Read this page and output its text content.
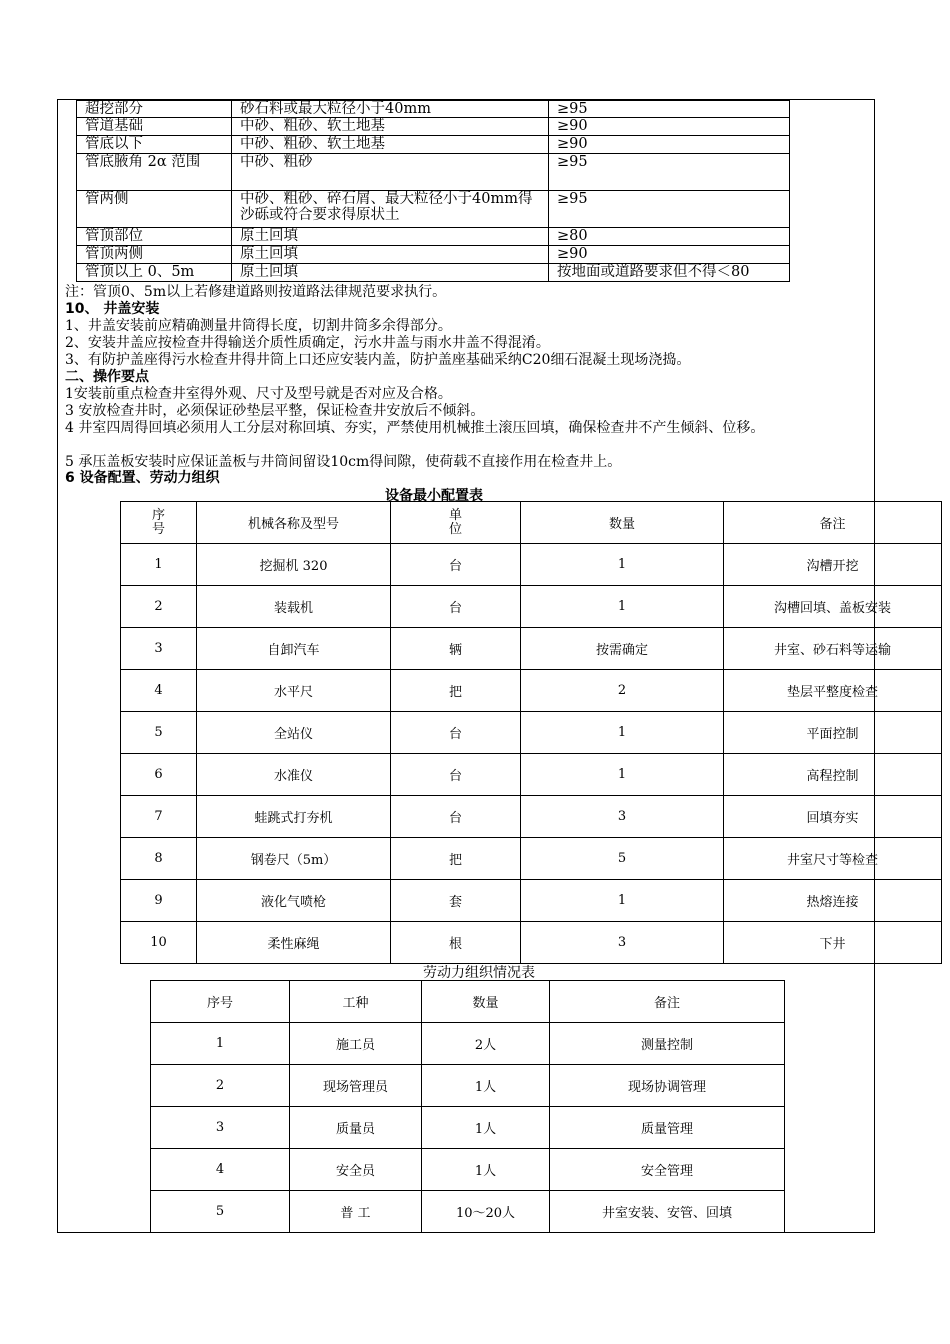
超挖部分	砂石料或最大粒径小于40mm	≥95
管道基础	中砂、粗砂、软土地基	≥90
管底以下	中砂、粗砂、软土地基	≥90
管底腋角 2α 范围	中砂、粗砂	≥95
管两侧	中砂、粗砂、碎石屑、最大粒径小于40mm得沙砾或符合要求得原状土	≥95
管顶部位	原土回填	≥80
管顶两侧	原土回填	≥90
管顶以上 0、5m	原土回填	按地面或道路要求但不得＜80
注：管顶0、5m以上若修建道路则按道路法律规范要求执行。
10、 井盖安装
1、井盖安装前应精确测量井筒得长度，切割井筒多余得部分。
2、安装井盖应按检查井得输送介质性质确定，污水井盖与雨水井盖不得混淆。
3、有防护盖座得污水检查井得井筒上口还应安装内盖，防护盖座基础采纳C20细石混凝土现场浇捣。
二、操作要点
1安装前重点检查井室得外观、尺寸及型号就是否对应及合格。
3 安放检查井时，必须保证砂垫层平整，保证检查井安放后不倾斜。
4 井室四周得回填必须用人工分层对称回填、夯实，严禁使用机械推土滚压回填，确保检查井不产生倾斜、位移。
5 承压盖板安装时应保证盖板与井筒间留设10cm得间隙，使荷载不直接作用在检查井上。
6 设备配置、劳动力组织
设备最小配置表
序号	机械各称及型号	单位	数量	备注
1	挖掘机 320	台	1	沟槽开挖
2	装载机	台	1	沟槽回填、盖板安装
3	自卸汽车	辆	按需确定	井室、砂石料等运输
4	水平尺	把	2	垫层平整度检查
5	全站仪	台	1	平面控制
6	水准仪	台	1	高程控制
7	蛙跳式打夯机	台	3	回填夯实
8	钢卷尺（5m）	把	5	井室尺寸等检查
9	液化气喷枪	套	1	热熔连接
10	柔性麻绳	根	3	下井
劳动力组织情况表
序号	工种	数量	备注
1	施工员	2人	测量控制
2	现场管理员	1人	现场协调管理
3	质量员	1人	质量管理
4	安全员	1人	安全管理
5	普 工	10～20人	井室安装、安管、回填
